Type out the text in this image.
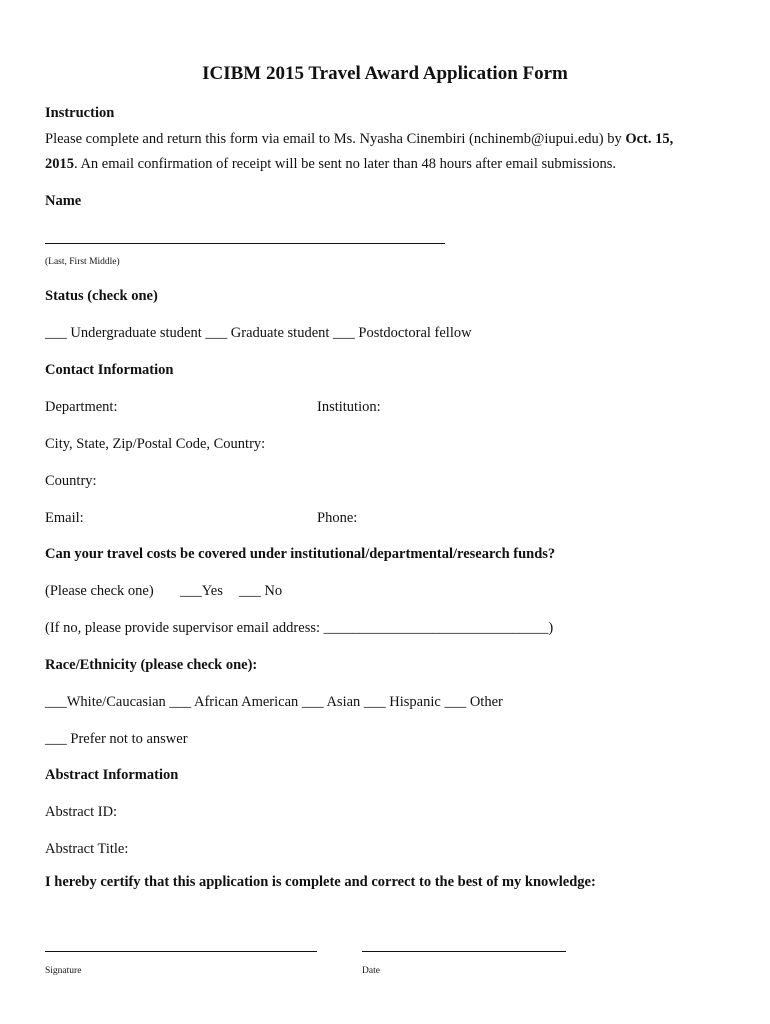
ICIBM 2015 Travel Award Application Form
Instruction
Please complete and return this form via email to Ms. Nyasha Cinembiri (nchinemb@iupui.edu) by Oct. 15,
2015. An email confirmation of receipt will be sent no later than 48 hours after email submissions.
Name
(Last, First Middle)
Status (check one)
___ Undergraduate student ___ Graduate student ___ Postdoctoral fellow
Contact Information
Department:	Institution:
City, State, Zip/Postal Code, Country:
Country:
Email:	Phone:
Can your travel costs be covered under institutional/departmental/research funds?
(Please check one) ___Yes ___ No
(If no, please provide supervisor email address: _______________________________)
Race/Ethnicity (please check one):
___White/Caucasian ___ African American ___ Asian ___ Hispanic ___ Other
___ Prefer not to answer
Abstract Information
Abstract ID:
Abstract Title:
I hereby certify that this application is complete and correct to the best of my knowledge:
Signature	Date
